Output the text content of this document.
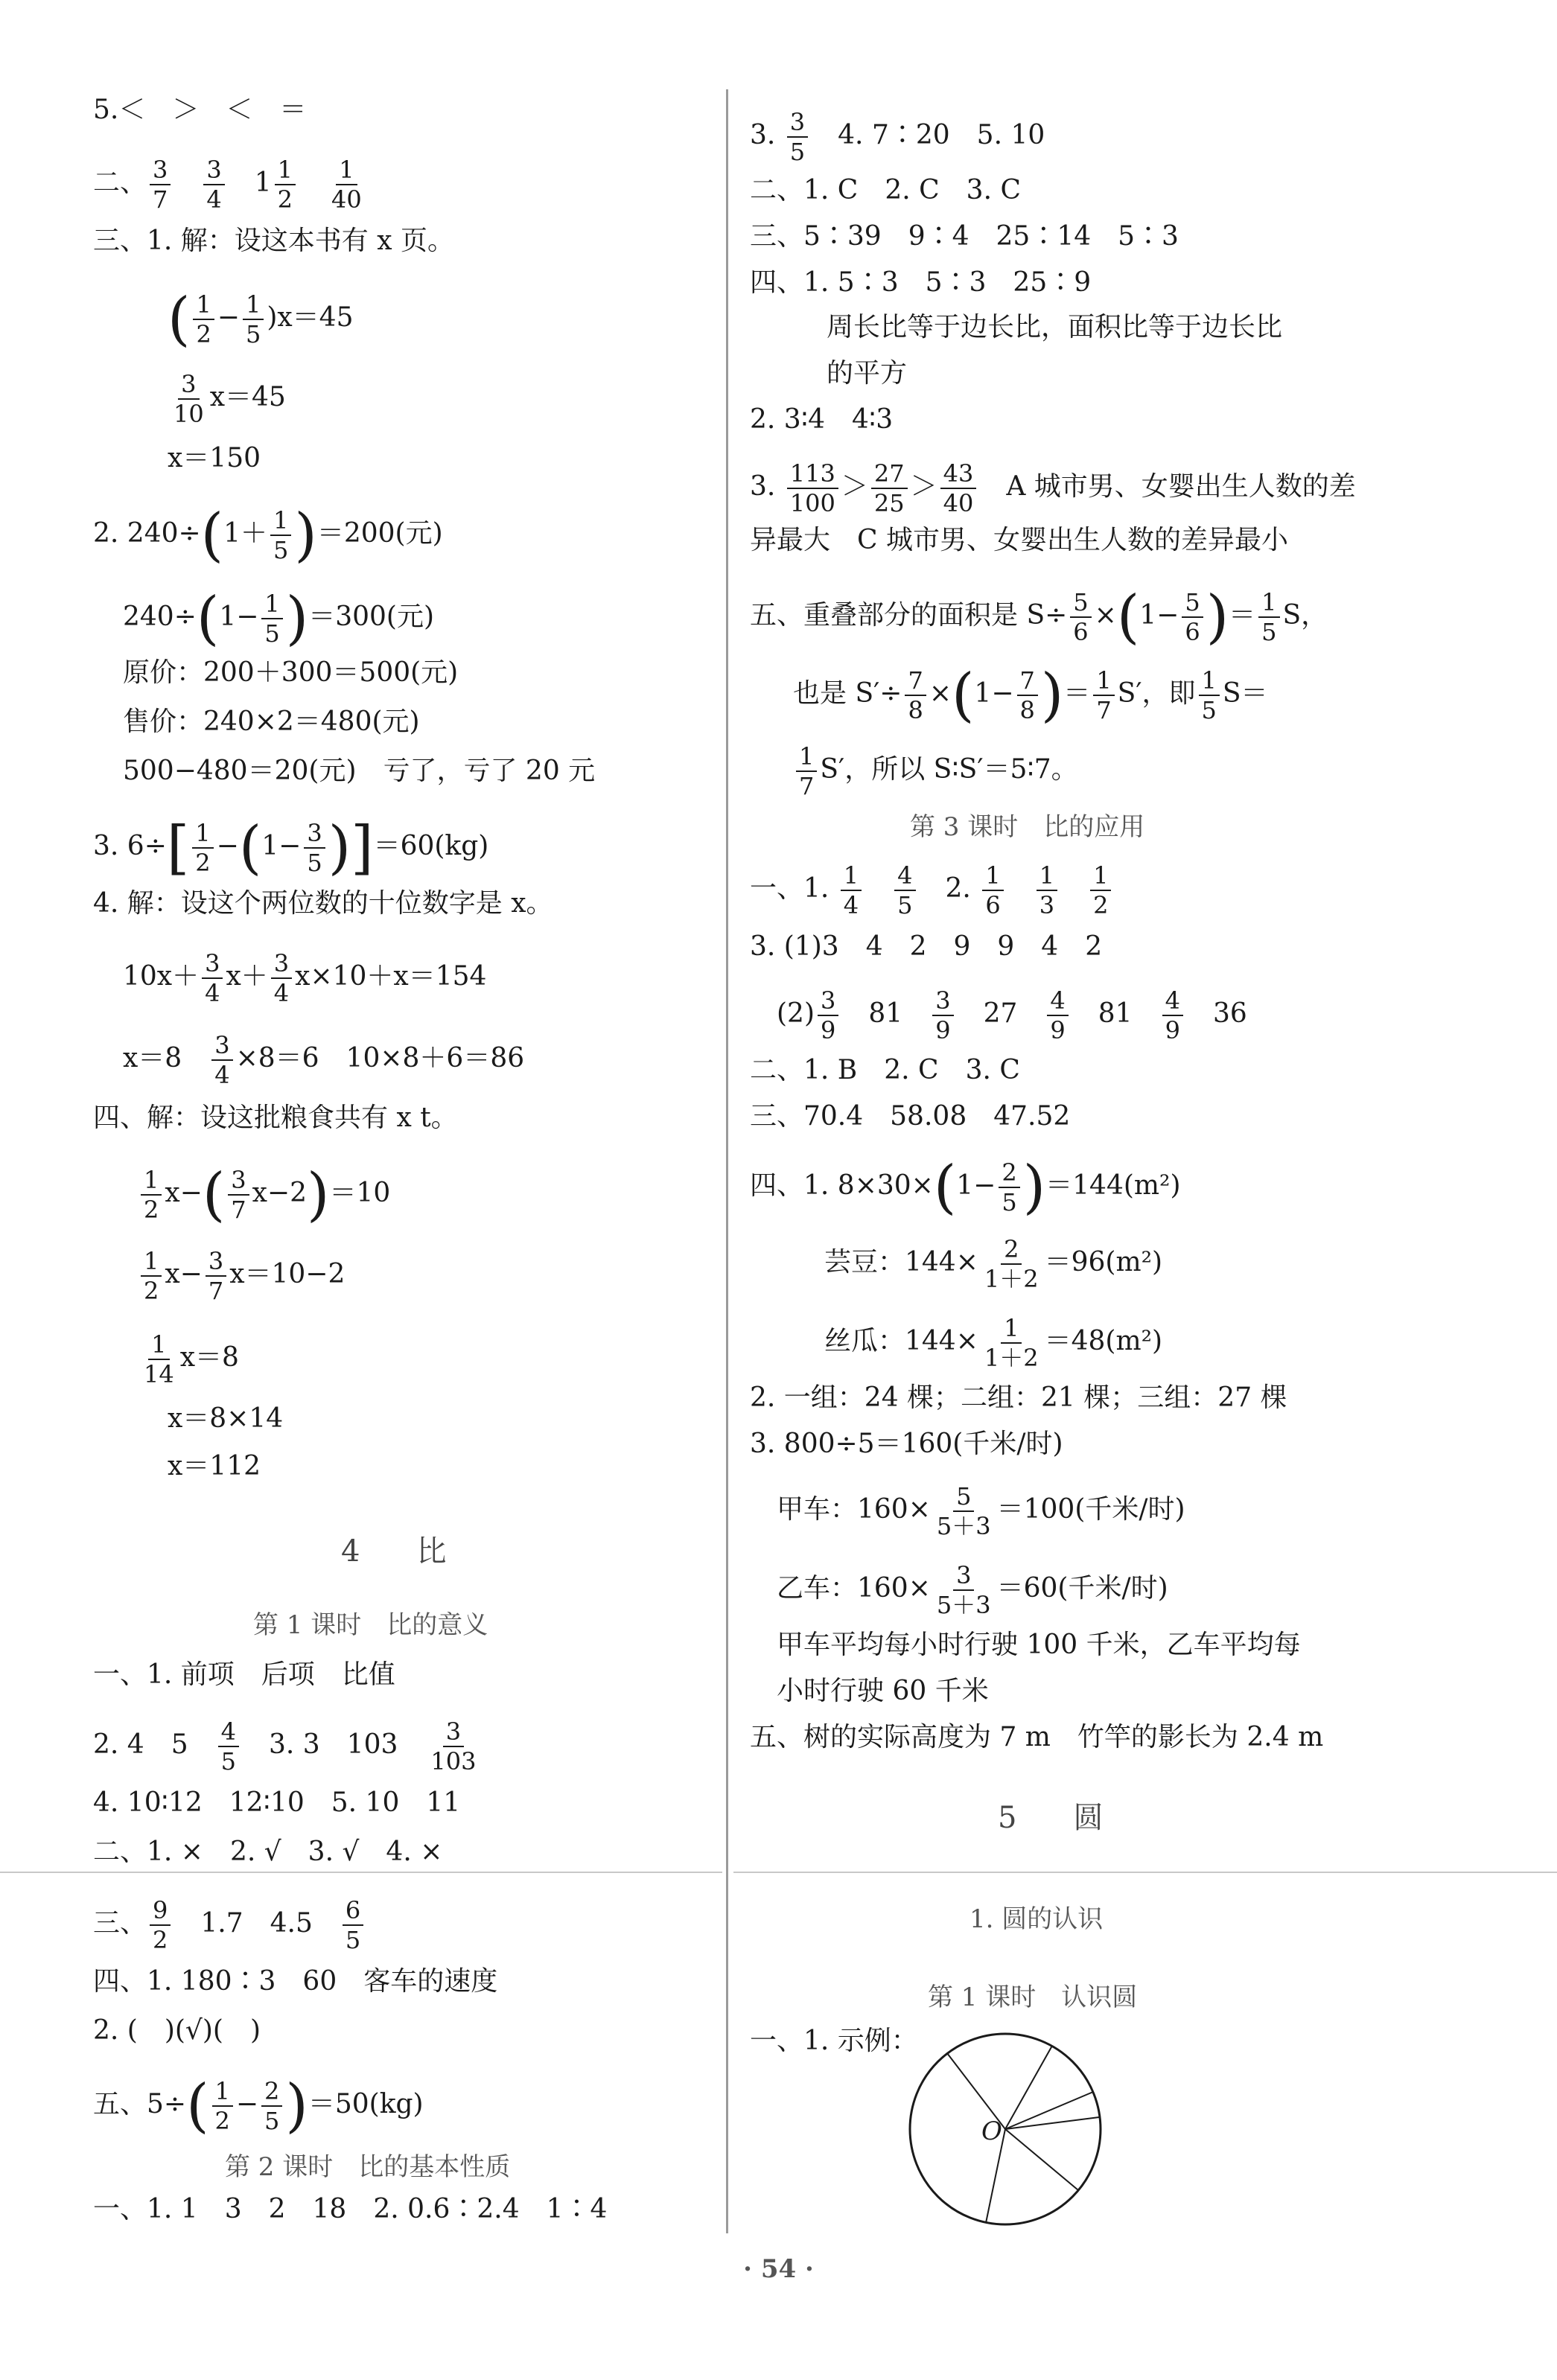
5.＜　＞　＜　＝
二、 $\frac{3}{7}$
　 $\frac{3}{4}$
　 $1 \frac{1}{2}$
　 $\frac{1}{40}$
三、1. 解：设这本书有 x 页。
( $\frac{1}{2} - \frac{1}{5} )x=45$
$\frac{3}{10} x=45$
x＝150
2. $240\div(1+ \frac{1}{5} )=200$(元)
$240\div(1- \frac{1}{5} )=300$(元)
原价：200＋300＝500(元)
售价：240×2＝480(元)
500−480＝20(元)　亏了，亏了 20 元
3. $6\div[ \frac{1}{2} -(1- \frac{3}{5} )]=60(kg)$
4. 解：设这个两位数的十位数字是 x。
$10x+ \frac{3}{4} x+ \frac{3}{4} x\times 10+x=154$
x＝8　 $\frac{3}{4} \times 8=6$　10×8＋6＝86
四、解：设这批粮食共有 x t。
$\frac{1}{2} x-( \frac{3}{7} x-2)=10$
$\frac{1}{2} x- \frac{3}{7} x=10-2$
$\frac{1}{14} x=8$
x＝8×14
x＝112
4　比
第 1 课时　比的意义
一、1. 前项　后项　比值
2. 4　5　 $\frac{4}{5}$ 　3. 3　103　 $\frac{3}{103}$
4. 10∶12　12∶10　5. 10　11
二、1. ×　2. √　3. √　4. ×
三、 $\frac{9}{2}$ 　1.7　4.5　 $\frac{6}{5}$
四、1. 180∶3　60　客车的速度
2. (　)(√)(　)
五、$5\div( \frac{1}{2} - \frac{2}{5} )=50(kg)$
第 2 课时　比的基本性质
一、1. 1　3　2　18　2. 0.6∶2.4　1∶4
3. $\frac{3}{5}$ 　4. 7∶20　5. 10
二、1. C　2. C　3. C
三、5∶39　9∶4　25∶14　5∶3
四、1. 5∶3　5∶3　25∶9
周长比等于边长比，面积比等于边长比
的平方
2. 3∶4　4∶3
3. $\frac{113}{100} > \frac{27}{25} > \frac{43}{40}$ 　A 城市男、女婴出生人数的差
异最大　C 城市男、女婴出生人数的差异最小
五、重叠部分的面积是 $S\div \frac{5}{6} \times(1- \frac{5}{6}$ )＝ $\frac{1}{5}$ S，
也是 $S'\div \frac{7}{8} \times(1- \frac{7}{8}$ )＝ $\frac{1}{7} S'$，即 $\frac{1}{5} S=$
$\frac{1}{7} S'$，所以 S∶S′＝5∶7。
第 3 课时　比的应用
一、1. $\frac{1}{4}$
　 $\frac{4}{5}$ 　2. $\frac{1}{6}$
　 $\frac{1}{3}$
　 $\frac{1}{2}$
3. (1)3　4　2　9　9　4　2
$(2) \frac{3}{9}$
　 81　 $\frac{3}{9}$
　 27　 $\frac{4}{9}$
　 81　 $\frac{4}{9}$
　 36
二、1. B　2. C　3. C
三、70.4　58.08　47.52
四、1. $8\times 30\times(1- \frac{2}{5} )=144(m^2)$
芸豆：$144\times \frac{2}{1+2} =96(m^2)$
丝瓜：$144\times \frac{1}{1+2} =48(m^2)$
2. 一组：24 棵；二组：21 棵；三组：27 棵
3. 800÷5＝160(千米/时)
甲车：$160\times \frac{5}{5+3} =100$(千米/时)
乙车：$160\times \frac{3}{5+3} =60$(千米/时)
甲车平均每小时行驶 100 千米，乙车平均每
小时行驶 60 千米
五、树的实际高度为 7 m　竹竿的影长为 2.4 m
5　圆
1. 圆的认识
第 1 课时　认识圆
一、1. 示例：
O
· 54 ·
